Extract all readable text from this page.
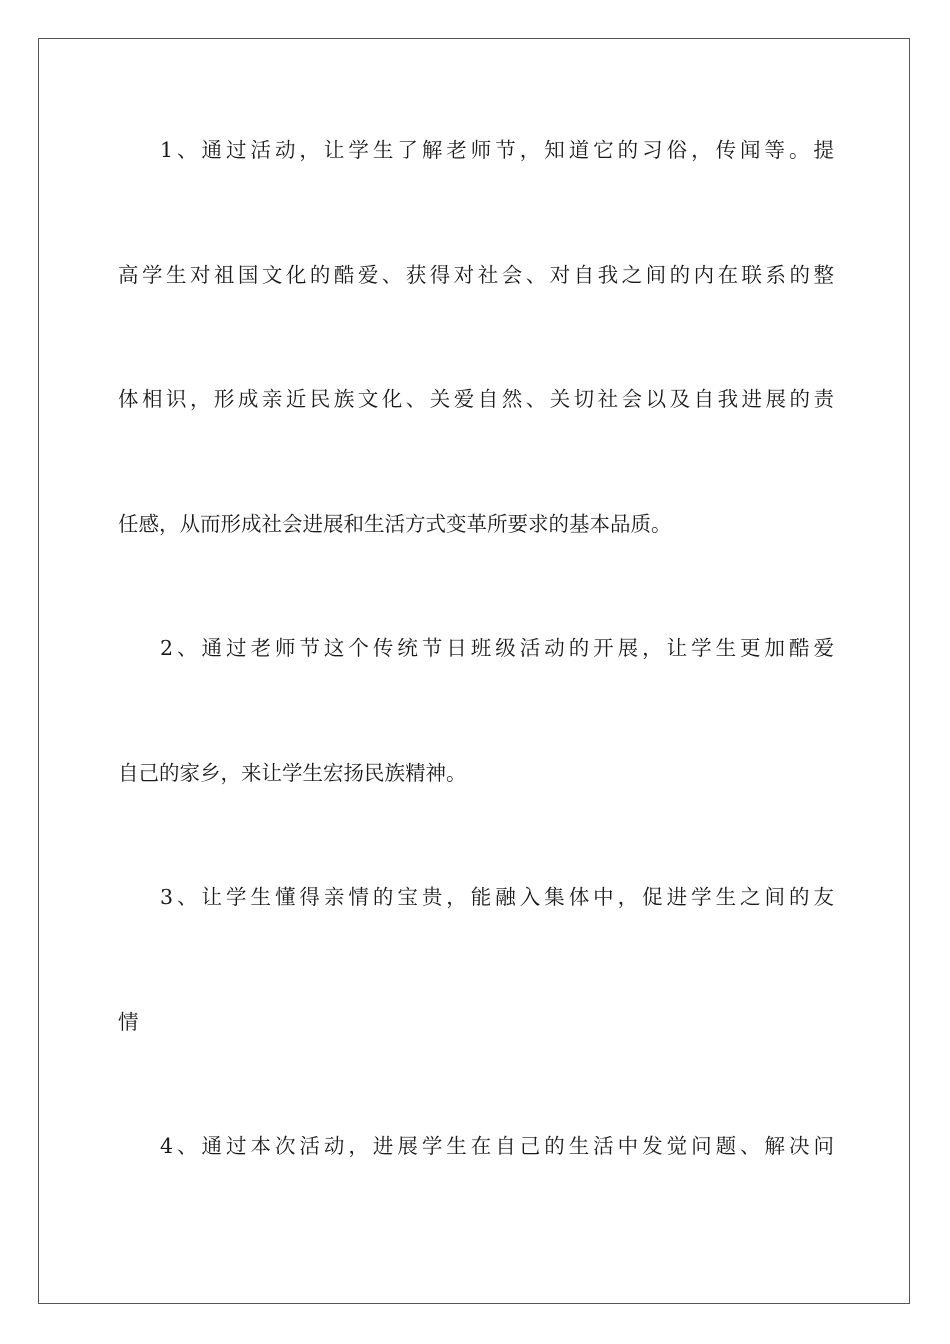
1、通过活动，让学生了解老师节，知道它的习俗，传闻等。提

高学生对祖国文化的酷爱、获得对社会、对自我之间的内在联系的整

体相识，形成亲近民族文化、关爱自然、关切社会以及自我进展的责

任感，从而形成社会进展和生活方式变革所要求的基本品质。

2、通过老师节这个传统节日班级活动的开展，让学生更加酷爱

自己的家乡，来让学生宏扬民族精神。

3、让学生懂得亲情的宝贵，能融入集体中，促进学生之间的友

情

4、通过本次活动，进展学生在自己的生活中发觉问题、解决问
